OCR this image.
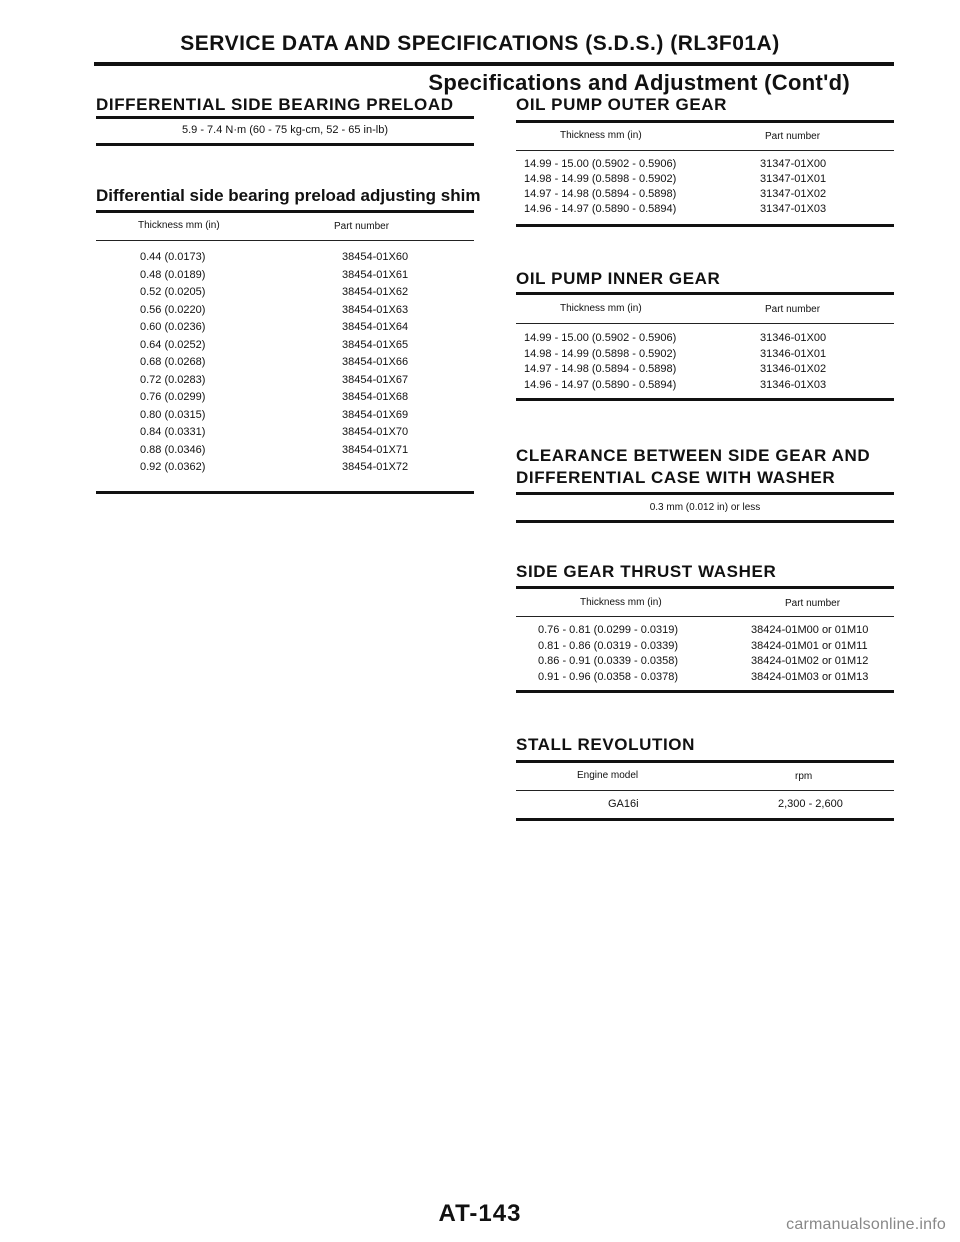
SERVICE DATA AND SPECIFICATIONS (S.D.S.) (RL3F01A)
Specifications and Adjustment (Cont'd)
DIFFERENTIAL SIDE BEARING PRELOAD
5.9 - 7.4 N·m (60 - 75 kg-cm, 52 - 65 in-lb)
Differential side bearing preload adjusting shim
Thickness mm (in)	Part number
0.44 (0.0173)	38454-01X60
0.48 (0.0189)	38454-01X61
0.52 (0.0205)	38454-01X62
0.56 (0.0220)	38454-01X63
0.60 (0.0236)	38454-01X64
0.64 (0.0252)	38454-01X65
0.68 (0.0268)	38454-01X66
0.72 (0.0283)	38454-01X67
0.76 (0.0299)	38454-01X68
0.80 (0.0315)	38454-01X69
0.84 (0.0331)	38454-01X70
0.88 (0.0346)	38454-01X71
0.92 (0.0362)	38454-01X72
OIL PUMP OUTER GEAR
Thickness mm (in)	Part number
14.99 - 15.00 (0.5902 - 0.5906)	31347-01X00
14.98 - 14.99 (0.5898 - 0.5902)	31347-01X01
14.97 - 14.98 (0.5894 - 0.5898)	31347-01X02
14.96 - 14.97 (0.5890 - 0.5894)	31347-01X03
OIL PUMP INNER GEAR
Thickness mm (in)	Part number
14.99 - 15.00 (0.5902 - 0.5906)	31346-01X00
14.98 - 14.99 (0.5898 - 0.5902)	31346-01X01
14.97 - 14.98 (0.5894 - 0.5898)	31346-01X02
14.96 - 14.97 (0.5890 - 0.5894)	31346-01X03
CLEARANCE BETWEEN SIDE GEAR AND
DIFFERENTIAL CASE WITH WASHER
0.3 mm (0.012 in) or less
SIDE GEAR THRUST WASHER
Thickness mm (in)	Part number
0.76 - 0.81 (0.0299 - 0.0319)	38424-01M00 or 01M10
0.81 - 0.86 (0.0319 - 0.0339)	38424-01M01 or 01M11
0.86 - 0.91 (0.0339 - 0.0358)	38424-01M02 or 01M12
0.91 - 0.96 (0.0358 - 0.0378)	38424-01M03 or 01M13
STALL REVOLUTION
Engine model	rpm
GA16i	2,300 - 2,600
AT-143	carmanualsonline.info
